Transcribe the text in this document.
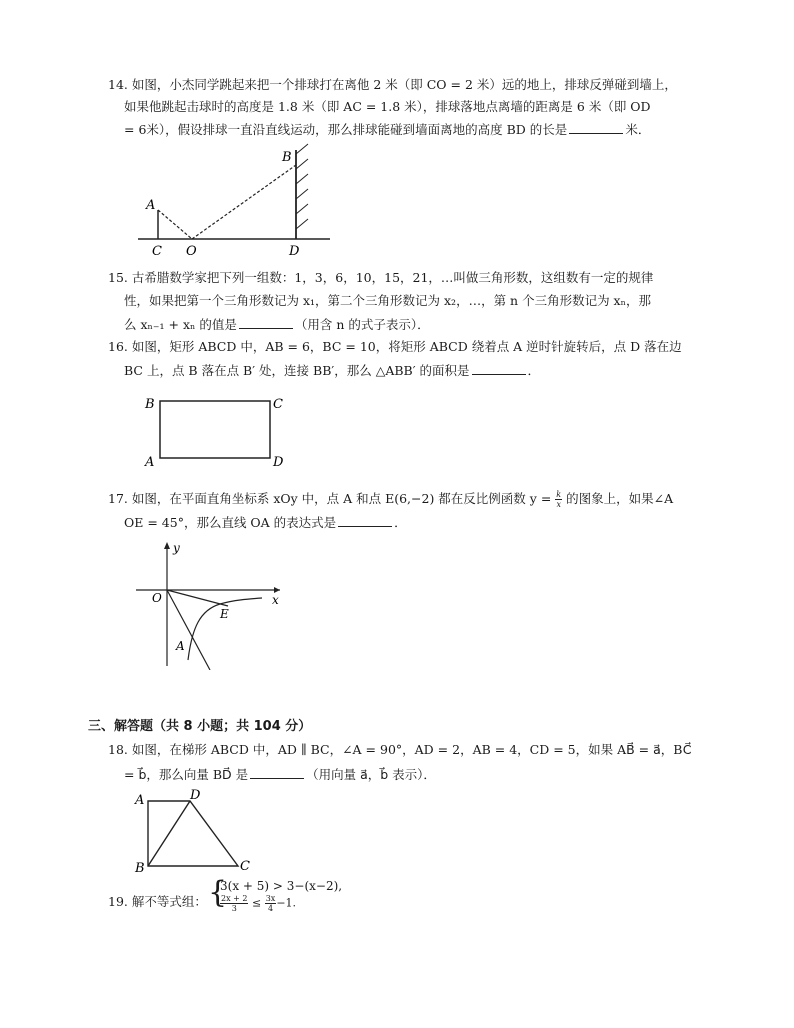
14. 如图，小杰同学跳起来把一个排球打在离他 2 米（即 CO = 2 米）远的地上，排球反弹碰到墙上，
如果他跳起击球时的高度是 1.8 米（即 AC = 1.8 米），排球落地点离墙的距离是 6 米（即 OD
= 6米），假设排球一直沿直线运动，那么排球能碰到墙面离地的高度 BD 的长是	米．
A
B
C O	D
15. 古希腊数学家把下列一组数：1，3，6，10，15，21，…叫做三角形数，这组数有一定的规律
性，如果把第一个三角形数记为 x₁，第二个三角形数记为 x₂，…，第 n 个三角形数记为 xₙ，那
么 xₙ₋₁ + xₙ 的值是	（用含 n 的式子表示）．
16. 如图，矩形 ABCD 中，AB = 6，BC = 10，将矩形 ABCD 绕着点 A 逆时针旋转后，点 D 落在边
BC 上，点 B 落在点 B′ 处，连接 BB′，那么 △ABB′ 的面积是	．
B	C
A	D
17. 如图，在平面直角坐标系 xOy 中，点 A 和点 E(6,−2) 都在反比例函数 $y = \frac{k}{x}$ 的图象上，如果∠A
OE = 45°，那么直线 OA 的表达式是	．
y
x
O
E
A
三、解答题（共 8 小题；共 104 分）
18. 如图，在梯形 ABCD 中，AD ∥ BC，∠A = 90°，AD = 2，AB = 4，CD = 5，如果 AB⃗ = a⃗，BC⃗
= b⃗，那么向量 BD⃗ 是	（用向量 a⃗，b⃗ 表示）．
A	D
B	C
19. 解不等式组： {
3(x + 5) > 3−(x−2),
$\frac{2x + 2}{3} \le \frac{3x}{4} -1$.
